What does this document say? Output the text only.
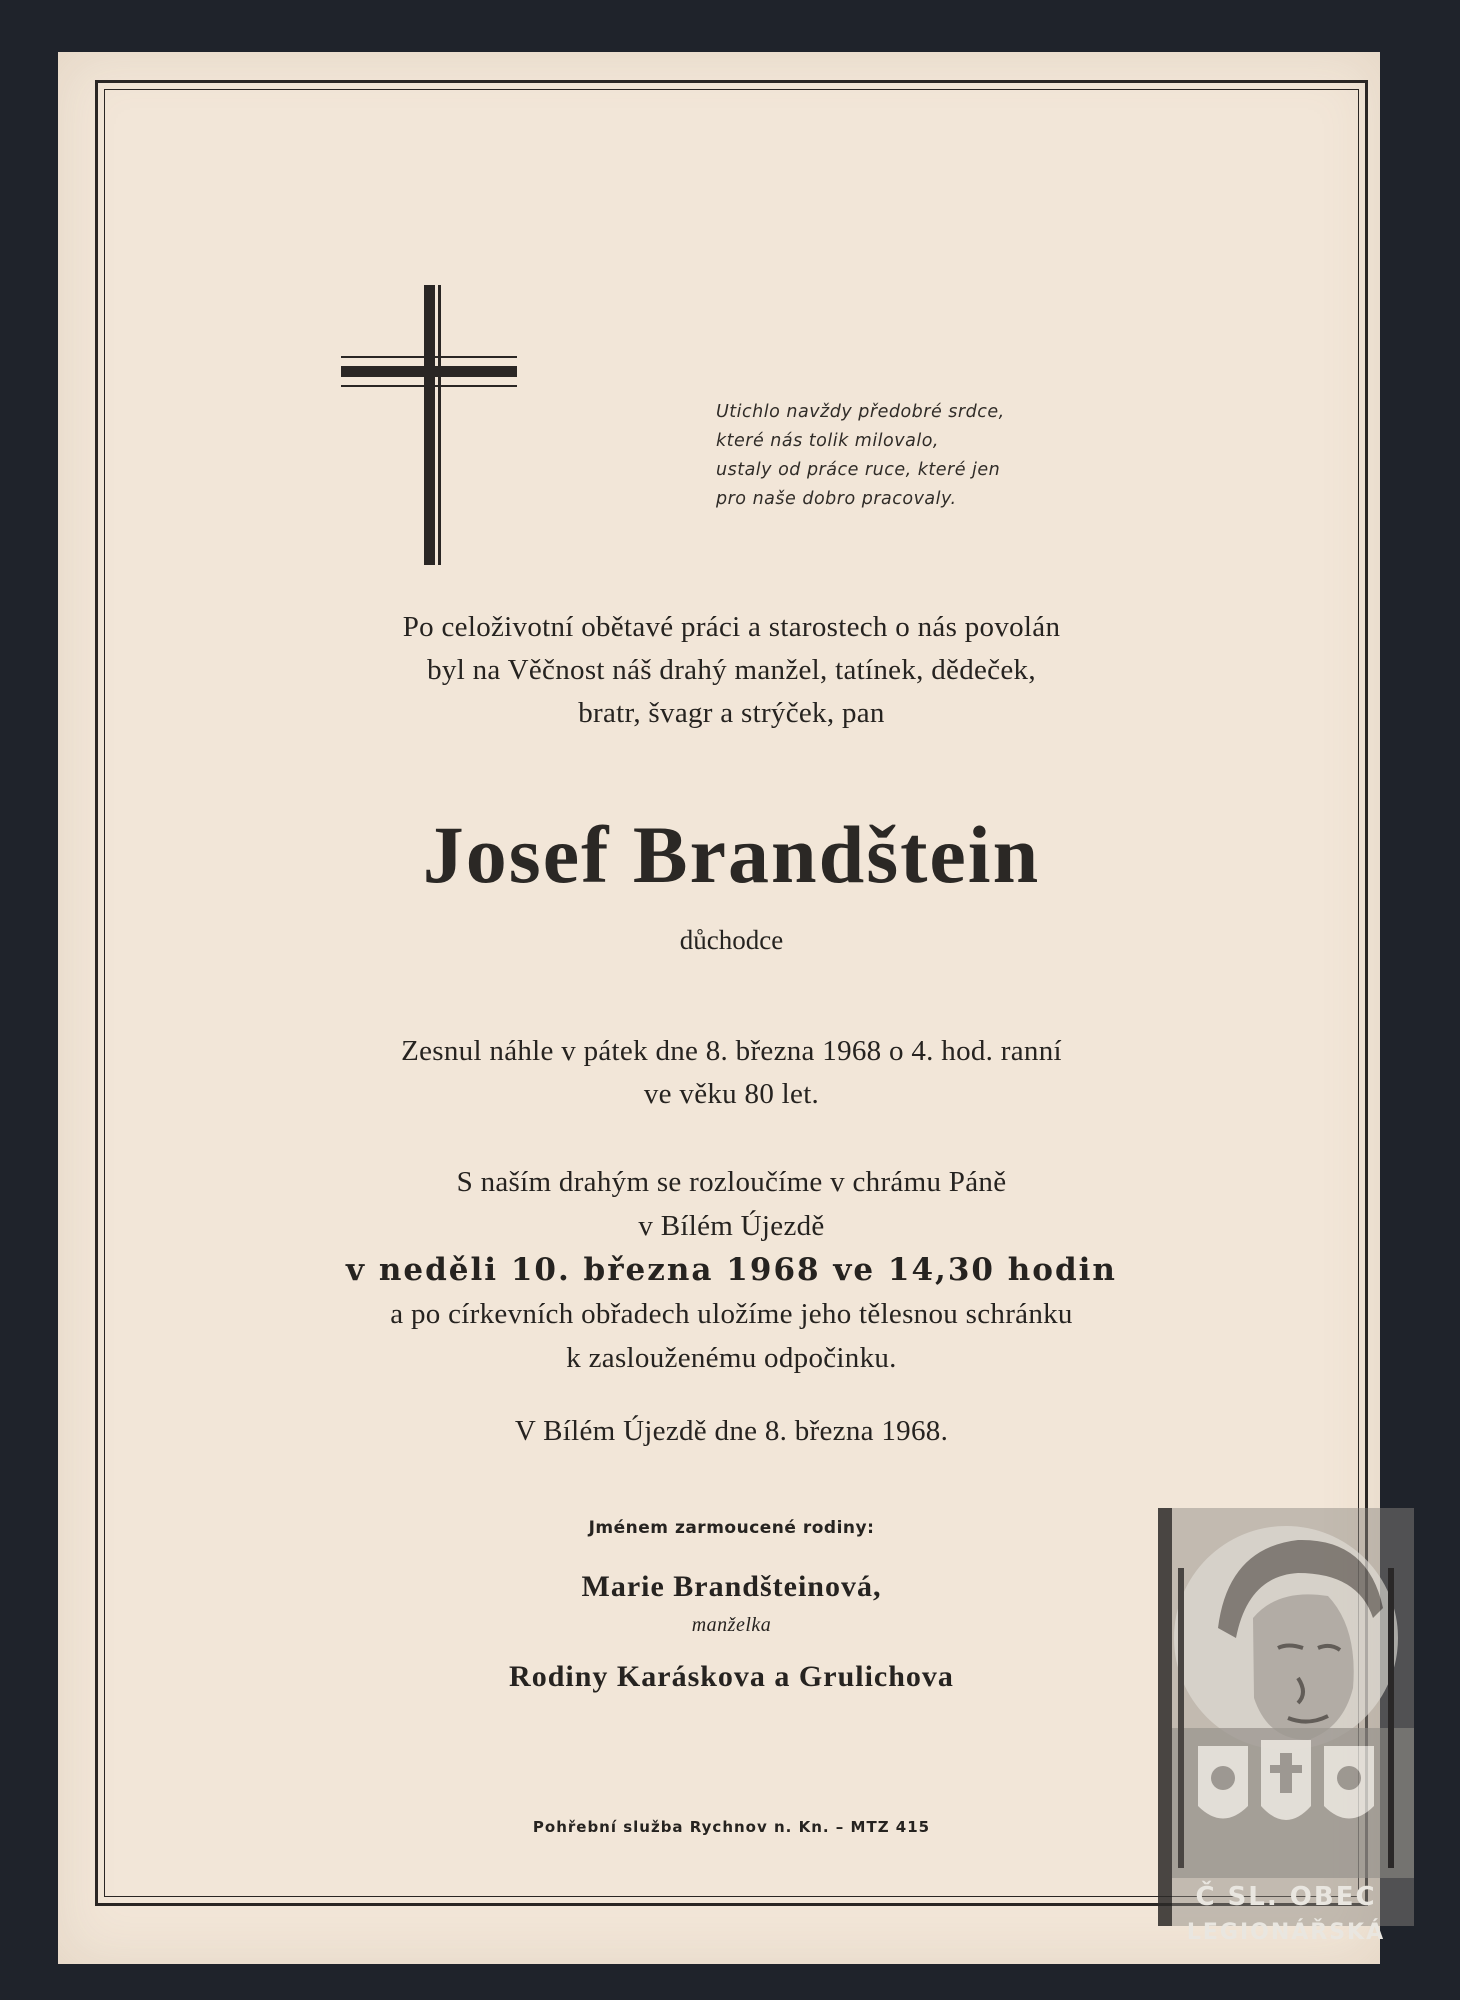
Utichlo navždy předobré srdce,
které nás tolik milovalo,
ustaly od práce ruce, které jen
pro naše dobro pracovaly.
Po celoživotní obětavé práci a starostech o nás povolán
byl na Věčnost náš drahý manžel, tatínek, dědeček,
bratr, švagr a strýček, pan
Josef Brandštein
důchodce
Zesnul náhle v pátek dne 8. března 1968 o 4. hod. ranní
ve věku 80 let.
S naším drahým se rozloučíme v chrámu Páně
v Bílém Újezdě
v neděli 10. března 1968 ve 14,30 hodin
a po církevních obřadech uložíme jeho tělesnou schránku
k zaslouženému odpočinku.
V Bílém Újezdě dne 8. března 1968.
Jménem zarmoucené rodiny:
Marie Brandšteinová,
manželka
Rodiny Karáskova a Grulichova
Pohřební služba Rychnov n. Kn. – MTZ 415
Č SL. OBEC
LEGIONÁŘSKÁ
